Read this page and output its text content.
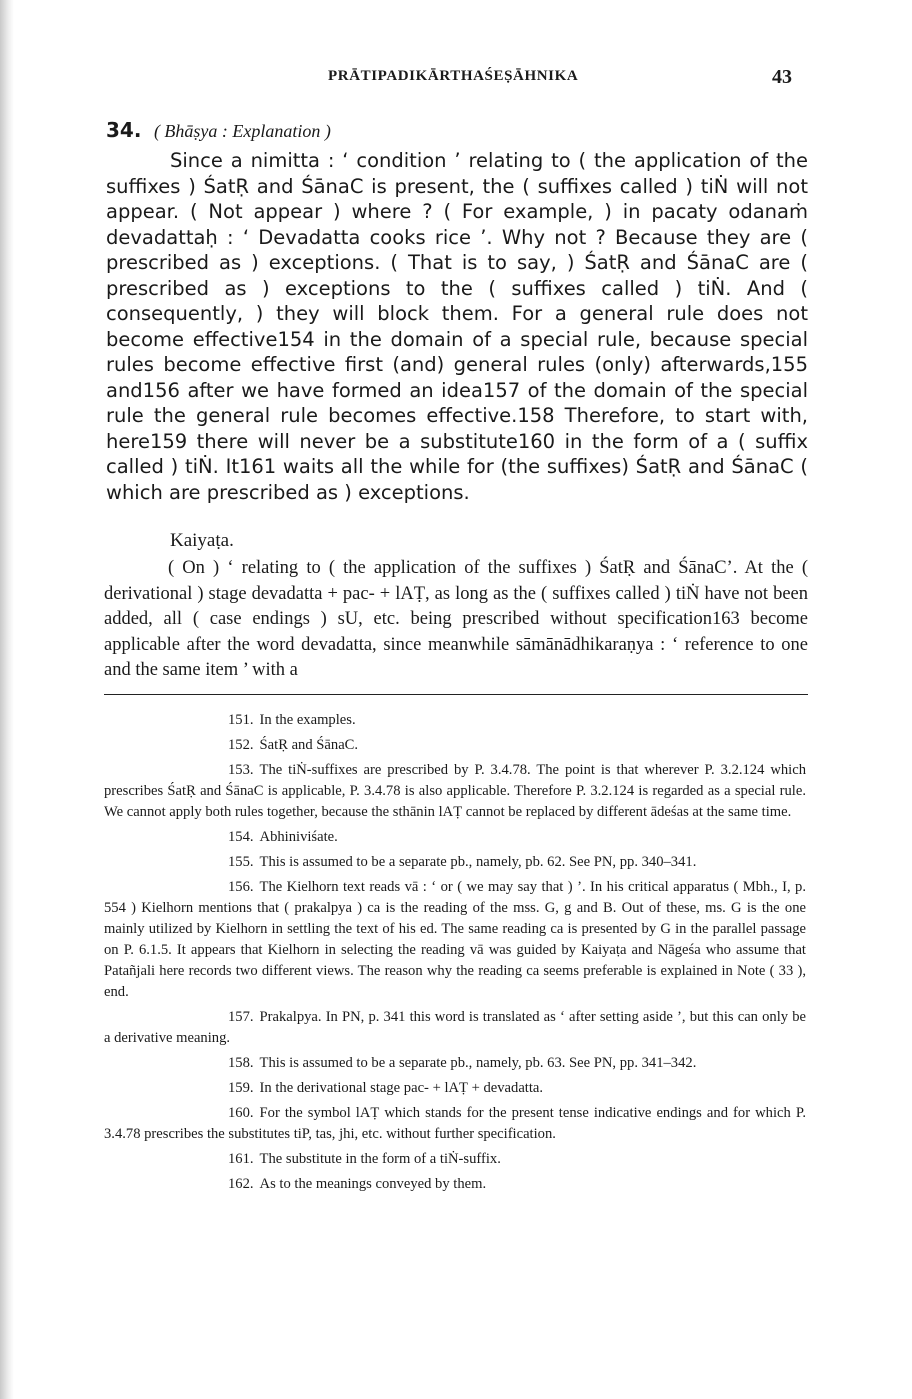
PRĀTIPADIKĀRTHAŚEṢĀHNIKA	43
34. ( Bhāṣya : Explanation )

Since a nimitta : ‘ condition ’ relating to ( the application of the suffixes ) ŚatṚ and ŚānaC is present, the ( suffixes called ) tiṄ will not appear. ( Not appear ) where ? ( For example, ) in pacaty odanaṁ devadattaḥ : ‘ Devadatta cooks rice ’. Why not ? Because they are ( prescribed as ) exceptions. ( That is to say, ) ŚatṚ and ŚānaC are ( prescribed as ) exceptions to the ( suffixes called ) tiṄ. And ( consequently, ) they will block them. For a general rule does not become effective154 in the domain of a special rule, because special rules become effective first (and) general rules (only) afterwards,155 and156 after we have formed an idea157 of the domain of the special rule the general rule becomes effective.158 Therefore, to start with, here159 there will never be a substitute160 in the form of a ( suffix called ) tiṄ. It161 waits all the while for (the suffixes) ŚatṚ and ŚānaC ( which are prescribed as ) exceptions.

Kaiyaṭa.

( On ) ‘ relating to ( the application of the suffixes ) ŚatṚ and ŚānaC’. At the ( derivational ) stage devadatta + pac- + lAṬ, as long as the ( suffixes called ) tiṄ have not been added, all ( case endings ) sU, etc. being prescribed without specification163 become applicable after the word devadatta, since meanwhile sāmānādhikaraṇya : ‘ reference to one and the same item ’ with a

151. In the examples.

152. ŚatṚ and ŚānaC.

153. The tiṄ-suffixes are prescribed by P. 3.4.78. The point is that wherever P. 3.2.124 which prescribes ŚatṚ and ŚānaC is applicable, P. 3.4.78 is also applicable. Therefore P. 3.2.124 is regarded as a special rule. We cannot apply both rules together, because the sthānin lAṬ cannot be replaced by different ādeśas at the same time.

154. Abhiniviśate.

155. This is assumed to be a separate pb., namely, pb. 62. See PN, pp. 340–341.

156. The Kielhorn text reads vā : ‘ or ( we may say that ) ’. In his critical apparatus ( Mbh., I, p. 554 ) Kielhorn mentions that ( prakalpya ) ca is the reading of the mss. G, g and B. Out of these, ms. G is the one mainly utilized by Kielhorn in settling the text of his ed. The same reading ca is presented by G in the parallel passage on P. 6.1.5. It appears that Kielhorn in selecting the reading vā was guided by Kaiyaṭa and Nāgeśa who assume that Patañjali here records two different views. The reason why the reading ca seems preferable is explained in Note ( 33 ), end.

157. Prakalpya. In PN, p. 341 this word is translated as ‘ after setting aside ’, but this can only be a derivative meaning.

158. This is assumed to be a separate pb., namely, pb. 63. See PN, pp. 341–342.

159. In the derivational stage pac- + lAṬ + devadatta.

160. For the symbol lAṬ which stands for the present tense indicative endings and for which P. 3.4.78 prescribes the substitutes tiP, tas, jhi, etc. without further specification.

161. The substitute in the form of a tiṄ-suffix.

162. As to the meanings conveyed by them.
